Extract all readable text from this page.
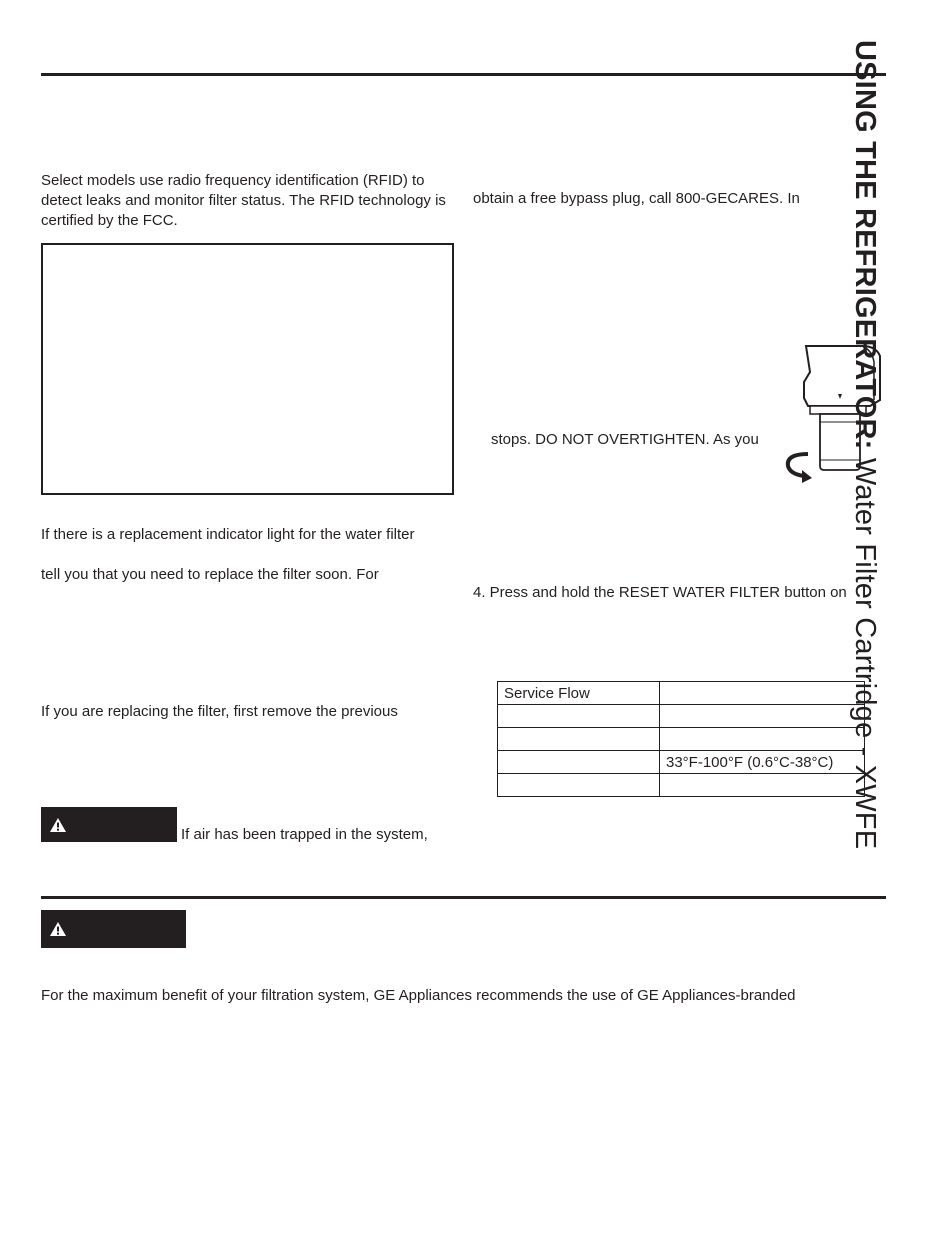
Select models use radio frequency identification (RFID) to detect leaks and monitor filter status. The RFID technology is certified by the FCC.
If there is a replacement indicator light for the water filter
tell you that you need to replace the filter soon. For
If you are replacing the filter, first remove the previous
If air has been trapped in the system,
obtain a free bypass plug, call 800-GECARES. In
stops. DO NOT OVERTIGHTEN. As you
4. Press and hold the RESET WATER FILTER button on
Service Flow	

	33°F-100°F (0.6°C-38°C)

For the maximum benefit of your filtration system, GE Appliances recommends the use of GE Appliances-branded
USING THE REFRIGERATOR: Water Filter Cartridge - XWFE
